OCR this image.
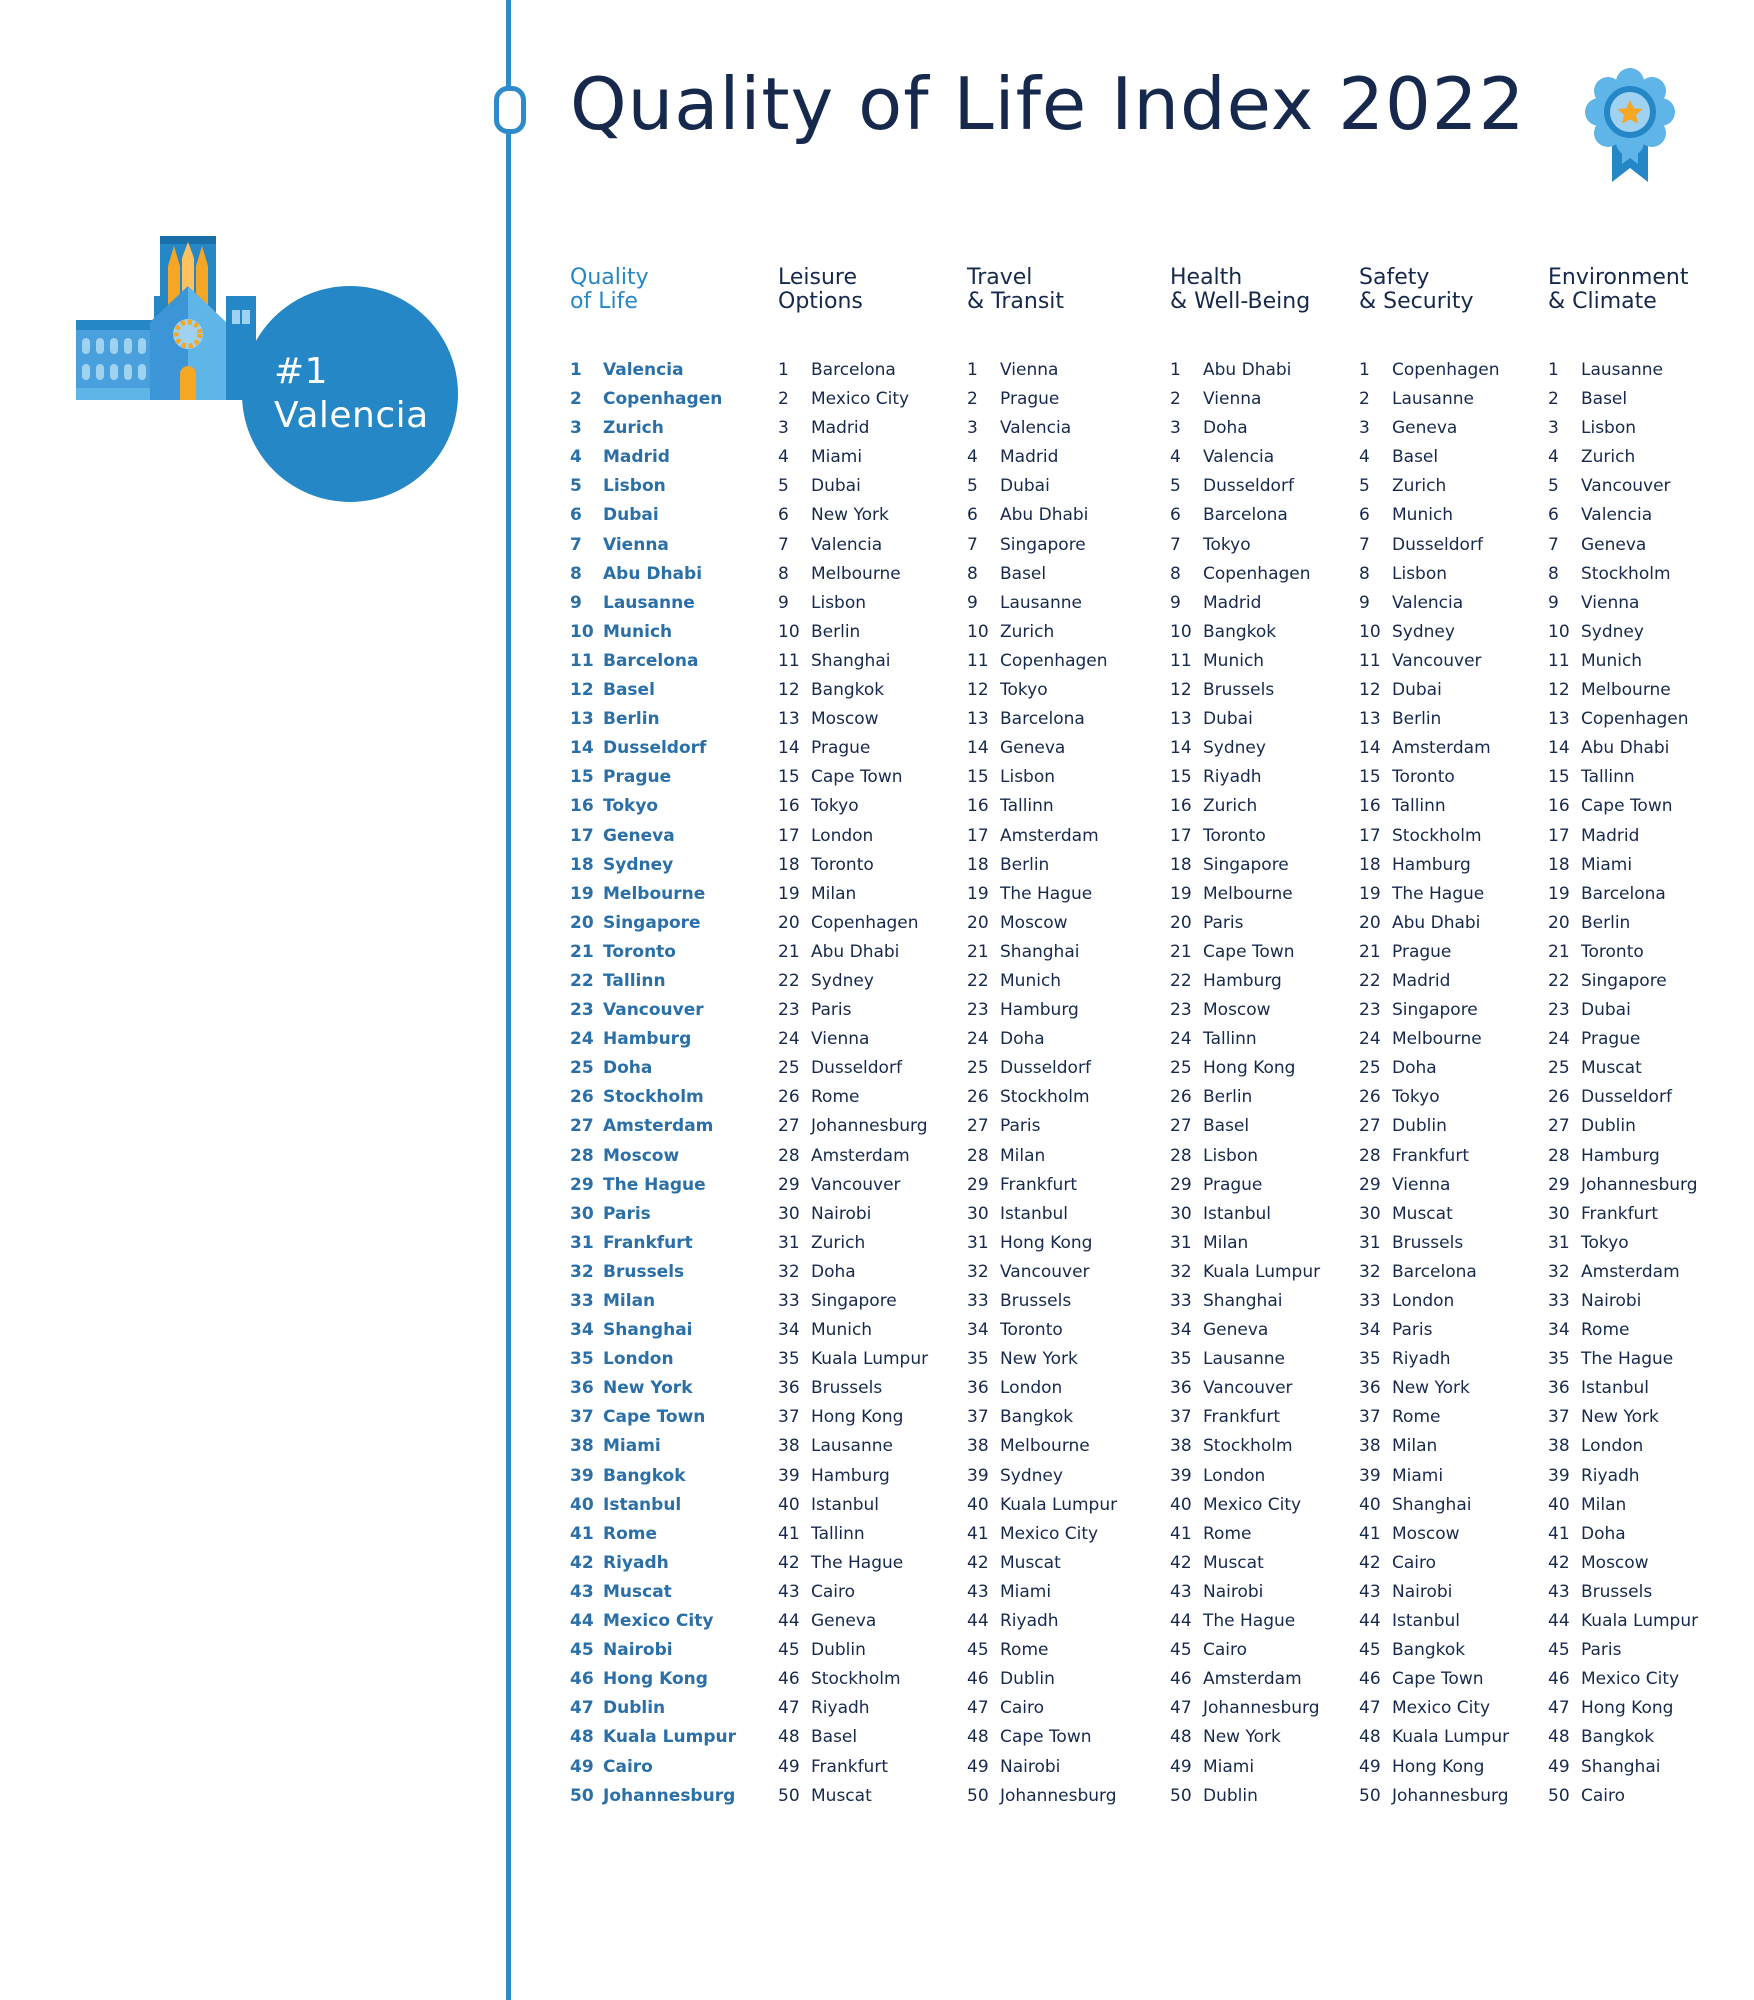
Quality of Life Index 2022
#1
Valencia
Quality
of Life
1	Valencia
2	Copenhagen
3	Zurich
4	Madrid
5	Lisbon
6	Dubai
7	Vienna
8	Abu Dhabi
9	Lausanne
10 Munich
11 Barcelona
12 Basel
13 Berlin
14 Dusseldorf
15 Prague
16 Tokyo
17 Geneva
18 Sydney
19 Melbourne
20 Singapore
21 Toronto
22 Tallinn
23 Vancouver
24 Hamburg
25 Doha
26 Stockholm
27 Amsterdam
28 Moscow
29 The Hague
30 Paris
31 Frankfurt
32 Brussels
33 Milan
34 Shanghai
35 London
36 New York
37 Cape Town
38 Miami
39 Bangkok
40 Istanbul
41 Rome
42 Riyadh
43 Muscat
44 Mexico City
45 Nairobi
46 Hong Kong
47 Dublin
48 Kuala Lumpur
49 Cairo
50 Johannesburg
Leisure
Options
1	Barcelona
2	Mexico City
3	Madrid
4	Miami
5	Dubai
6	New York
7	Valencia
8	Melbourne
9	Lisbon
10 Berlin
11 Shanghai
12 Bangkok
13 Moscow
14 Prague
15 Cape Town
16 Tokyo
17 London
18 Toronto
19 Milan
20 Copenhagen
21 Abu Dhabi
22 Sydney
23 Paris
24 Vienna
25 Dusseldorf
26 Rome
27 Johannesburg
28 Amsterdam
29 Vancouver
30 Nairobi
31 Zurich
32 Doha
33 Singapore
34 Munich
35 Kuala Lumpur
36 Brussels
37 Hong Kong
38 Lausanne
39 Hamburg
40 Istanbul
41 Tallinn
42 The Hague
43 Cairo
44 Geneva
45 Dublin
46 Stockholm
47 Riyadh
48 Basel
49 Frankfurt
50 Muscat
Travel
& Transit
1	Vienna
2	Prague
3	Valencia
4	Madrid
5	Dubai
6	Abu Dhabi
7	Singapore
8	Basel
9	Lausanne
10 Zurich
11 Copenhagen
12 Tokyo
13 Barcelona
14 Geneva
15 Lisbon
16 Tallinn
17 Amsterdam
18 Berlin
19 The Hague
20 Moscow
21 Shanghai
22 Munich
23 Hamburg
24 Doha
25 Dusseldorf
26 Stockholm
27 Paris
28 Milan
29 Frankfurt
30 Istanbul
31 Hong Kong
32 Vancouver
33 Brussels
34 Toronto
35 New York
36 London
37 Bangkok
38 Melbourne
39 Sydney
40 Kuala Lumpur
41 Mexico City
42 Muscat
43 Miami
44 Riyadh
45 Rome
46 Dublin
47 Cairo
48 Cape Town
49 Nairobi
50 Johannesburg
Health
& Well-Being
1	Abu Dhabi
2	Vienna
3	Doha
4	Valencia
5	Dusseldorf
6	Barcelona
7	Tokyo
8	Copenhagen
9	Madrid
10 Bangkok
11 Munich
12 Brussels
13 Dubai
14 Sydney
15 Riyadh
16 Zurich
17 Toronto
18 Singapore
19 Melbourne
20 Paris
21 Cape Town
22 Hamburg
23 Moscow
24 Tallinn
25 Hong Kong
26 Berlin
27 Basel
28 Lisbon
29 Prague
30 Istanbul
31 Milan
32 Kuala Lumpur
33 Shanghai
34 Geneva
35 Lausanne
36 Vancouver
37 Frankfurt
38 Stockholm
39 London
40 Mexico City
41 Rome
42 Muscat
43 Nairobi
44 The Hague
45 Cairo
46 Amsterdam
47 Johannesburg
48 New York
49 Miami
50 Dublin
Safety
& Security
1	Copenhagen
2	Lausanne
3	Geneva
4	Basel
5	Zurich
6	Munich
7	Dusseldorf
8	Lisbon
9	Valencia
10 Sydney
11 Vancouver
12 Dubai
13 Berlin
14 Amsterdam
15 Toronto
16 Tallinn
17 Stockholm
18 Hamburg
19 The Hague
20 Abu Dhabi
21 Prague
22 Madrid
23 Singapore
24 Melbourne
25 Doha
26 Tokyo
27 Dublin
28 Frankfurt
29 Vienna
30 Muscat
31 Brussels
32 Barcelona
33 London
34 Paris
35 Riyadh
36 New York
37 Rome
38 Milan
39 Miami
40 Shanghai
41 Moscow
42 Cairo
43 Nairobi
44 Istanbul
45 Bangkok
46 Cape Town
47 Mexico City
48 Kuala Lumpur
49 Hong Kong
50 Johannesburg
Environment
& Climate
1	Lausanne
2	Basel
3	Lisbon
4	Zurich
5	Vancouver
6	Valencia
7	Geneva
8	Stockholm
9	Vienna
10 Sydney
11 Munich
12 Melbourne
13 Copenhagen
14 Abu Dhabi
15 Tallinn
16 Cape Town
17 Madrid
18 Miami
19 Barcelona
20 Berlin
21 Toronto
22 Singapore
23 Dubai
24 Prague
25 Muscat
26 Dusseldorf
27 Dublin
28 Hamburg
29 Johannesburg
30 Frankfurt
31 Tokyo
32 Amsterdam
33 Nairobi
34 Rome
35 The Hague
36 Istanbul
37 New York
38 London
39 Riyadh
40 Milan
41 Doha
42 Moscow
43 Brussels
44 Kuala Lumpur
45 Paris
46 Mexico City
47 Hong Kong
48 Bangkok
49 Shanghai
50 Cairo
